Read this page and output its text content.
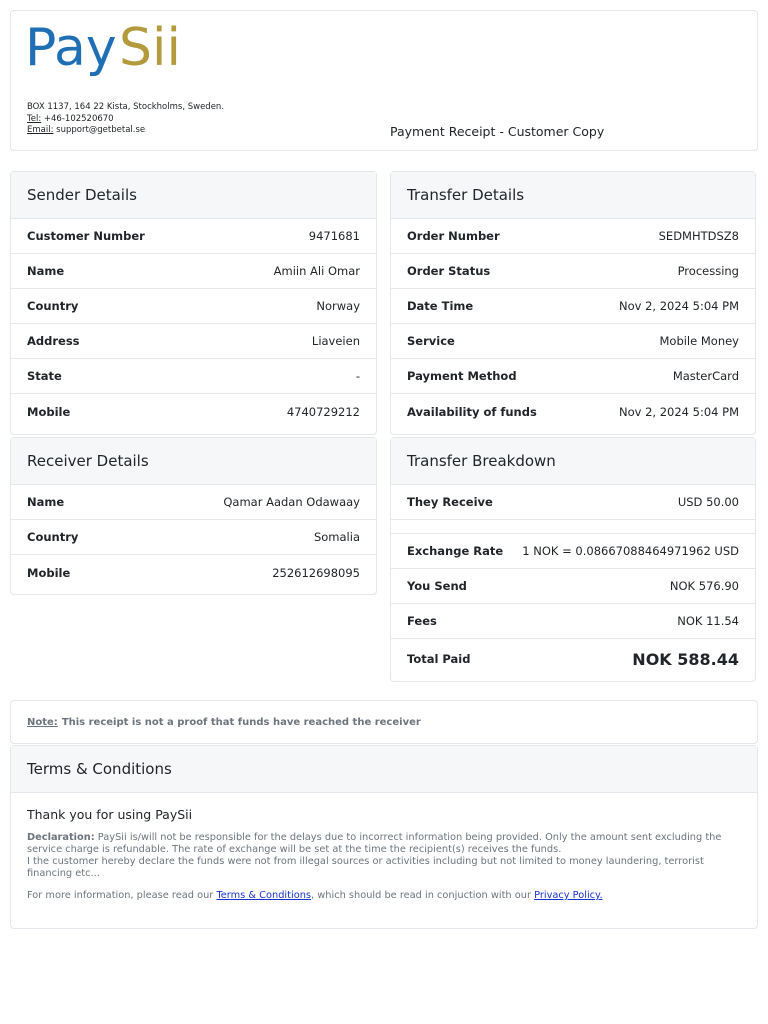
Pay Sii
BOX 1137, 164 22 Kista, Stockholms, Sweden.
Tel: +46-102520670
Email: support@getbetal.se	Payment Receipt - Customer Copy
Sender Details
Customer Number	9471681
Name	Amiin Ali Omar
Country	Norway
Address	Liaveien
State	-
Mobile	4740729212
Transfer Details
Order Number	SEDMHTDSZ8
Order Status	Processing
Date Time	Nov 2, 2024 5:04 PM
Service	Mobile Money
Payment Method	MasterCard
Availability of funds	Nov 2, 2024 5:04 PM
Receiver Details
Name	Qamar Aadan Odawaay
Country	Somalia
Mobile	252612698095
Transfer Breakdown
They Receive	USD 50.00
Exchange Rate 1 NOK = 0.08667088464971962 USD
You Send	NOK 576.90
Fees	NOK 11.54
Total Paid	NOK 588.44
Note: This receipt is not a proof that funds have reached the receiver
Terms & Conditions
Thank you for using PaySii
Declaration: PaySii is/will not be responsible for the delays due to incorrect information being provided. Only the amount sent excluding the service charge is refundable. The rate of exchange will be set at the time the recipient(s) receives the funds.
I the customer hereby declare the funds were not from illegal sources or activities including but not limited to money laundering, terrorist financing etc...
For more information, please read our Terms & Conditions, which should be read in conjuction with our Privacy Policy.
